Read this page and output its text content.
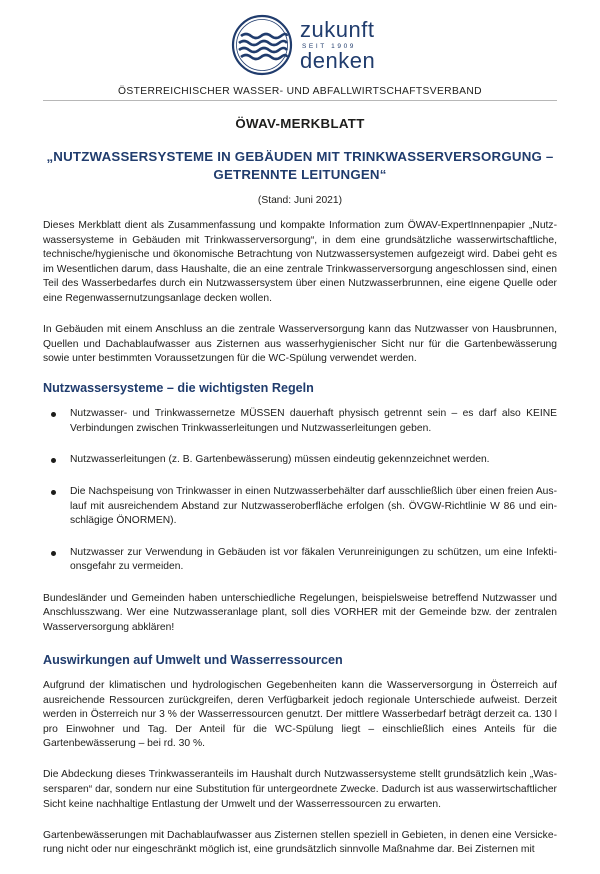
zukunft
SEIT 1909
denken
ÖSTERREICHISCHER WASSER- UND ABFALLWIRTSCHAFTSVERBAND
ÖWAV-MERKBLATT
„NUTZWASSERSYSTEME IN GEBÄUDEN MIT TRINKWASSERVERSORGUNG – GETRENNTE LEITUNGEN“
(Stand: Juni 2021)

Dieses Merkblatt dient als Zusammenfassung und kompakte Information zum ÖWAV-ExpertInnenpapier „Nutzwassersysteme in Gebäuden mit Trinkwasserversorgung“, in dem eine grundsätzliche wasserwirtschaftliche, technische/hygienische und ökonomische Betrachtung von Nutzwassersystemen aufgezeigt wird. Dabei geht es im Wesentlichen darum, dass Haushalte, die an eine zentrale Trinkwasserversorgung angeschlossen sind, einen Teil des Wasserbedarfes durch ein Nutzwassersystem über einen Nutzwasserbrunnen, eine eigene Quelle oder eine Regenwassernutzungsanlage decken wollen.

In Gebäuden mit einem Anschluss an die zentrale Wasserversorgung kann das Nutzwasser von Hausbrunnen, Quellen und Dachablaufwasser aus Zisternen aus wasserhygienischer Sicht nur für die Gartenbewässerung sowie unter bestimmten Voraussetzungen für die WC-Spülung verwendet werden.

Nutzwassersysteme – die wichtigsten Regeln
Nutzwasser- und Trinkwassernetze MÜSSEN dauerhaft physisch getrennt sein – es darf also KEINE Verbindungen zwischen Trinkwasserleitungen und Nutzwasserleitungen geben.
Nutzwasserleitungen (z. B. Gartenbewässerung) müssen eindeutig gekennzeichnet werden.
Die Nachspeisung von Trinkwasser in einen Nutzwasserbehälter darf ausschließlich über einen freien Auslauf mit ausreichendem Abstand zur Nutzwasseroberfläche erfolgen (sh. ÖVGW-Richtlinie W 86 und einschlägige ÖNORMEN).
Nutzwasser zur Verwendung in Gebäuden ist vor fäkalen Verunreinigungen zu schützen, um eine Infektionsgefahr zu vermeiden.

Bundesländer und Gemeinden haben unterschiedliche Regelungen, beispielsweise betreffend Nutzwasser und Anschlusszwang. Wer eine Nutzwasseranlage plant, soll dies VORHER mit der Gemeinde bzw. der zentralen Wasserversorgung abklären!

Auswirkungen auf Umwelt und Wasserressourcen

Aufgrund der klimatischen und hydrologischen Gegebenheiten kann die Wasserversorgung in Österreich auf ausreichende Ressourcen zurückgreifen, deren Verfügbarkeit jedoch regionale Unterschiede aufweist. Derzeit werden in Österreich nur 3 % der Wasserressourcen genutzt. Der mittlere Wasserbedarf beträgt derzeit ca. 130 l pro Einwohner und Tag. Der Anteil für die WC-Spülung liegt – einschließlich eines Anteils für die Gartenbewässerung – bei rd. 30 %.

Die Abdeckung dieses Trinkwasseranteils im Haushalt durch Nutzwassersysteme stellt grundsätzlich kein „Wassersparen“ dar, sondern nur eine Substitution für untergeordnete Zwecke. Dadurch ist aus wasserwirtschaftlicher Sicht keine nachhaltige Entlastung der Umwelt und der Wasserressourcen zu erwarten.

Gartenbewässerungen mit Dachablaufwasser aus Zisternen stellen speziell in Gebieten, in denen eine Versickerung nicht oder nur eingeschränkt möglich ist, eine grundsätzlich sinnvolle Maßnahme dar. Bei Zisternen mit
